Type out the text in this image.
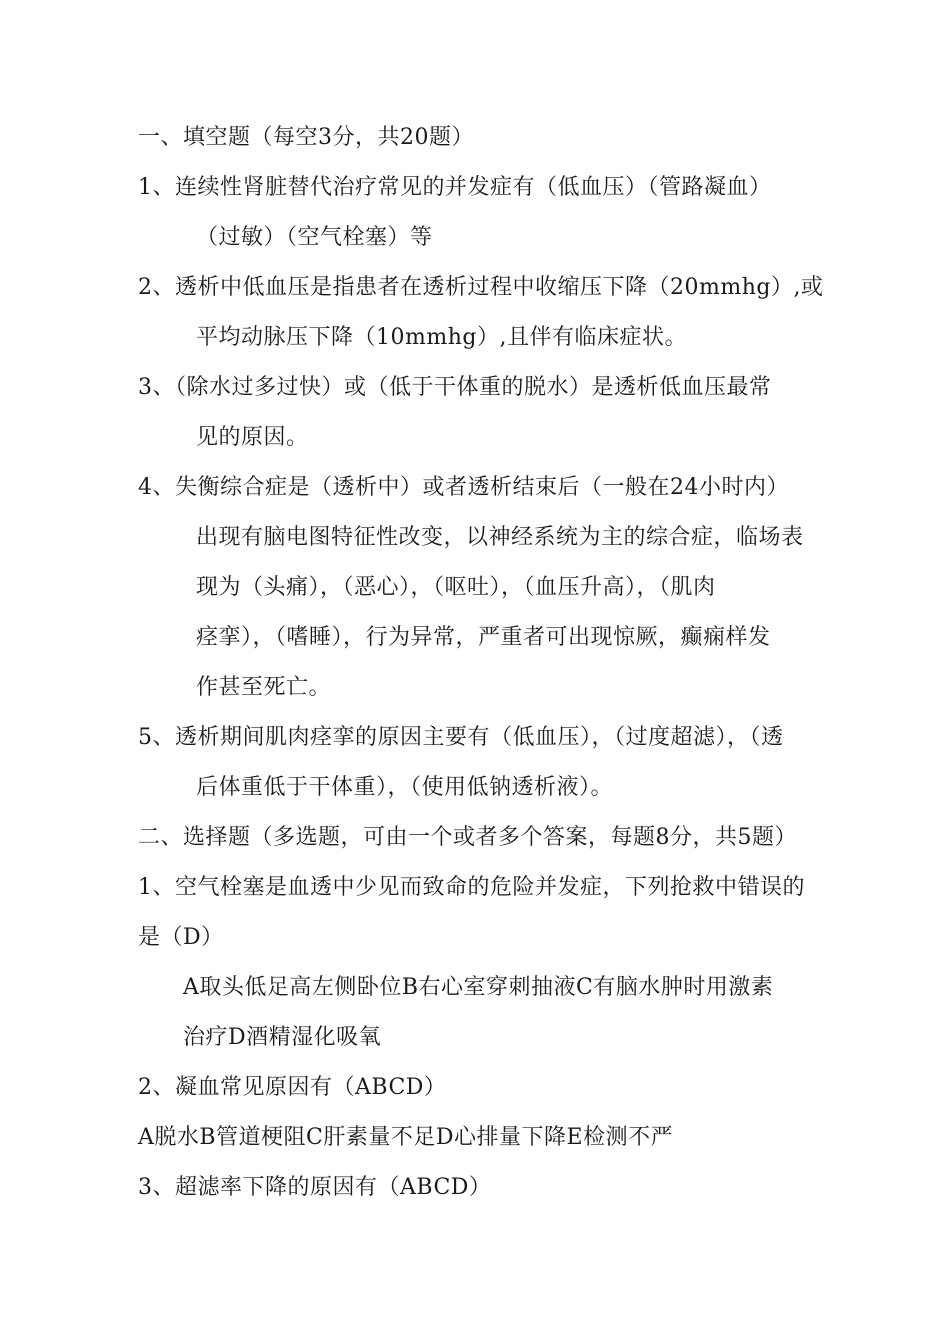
一、填空题（每空3分，共20题）
1、连续性肾脏替代治疗常见的并发症有（低血压）（管路凝血）
（过敏）（空气栓塞）等
2、透析中低血压是指患者在透析过程中收缩压下降（20mmhg）,或
平均动脉压下降（10mmhg）,且伴有临床症状。
3、（除水过多过快）或（低于干体重的脱水）是透析低血压最常
见的原因。
4、失衡综合症是（透析中）或者透析结束后（一般在24小时内）
出现有脑电图特征性改变，以神经系统为主的综合症，临场表
现为（头痛），（恶心），（呕吐），（血压升高），（肌肉
痉挛），（嗜睡），行为异常，严重者可出现惊厥，癫痫样发
作甚至死亡。
5、透析期间肌肉痉挛的原因主要有（低血压），（过度超滤），（透
后体重低于干体重），（使用低钠透析液）。
二、选择题（多选题，可由一个或者多个答案，每题8分，共5题）
1、空气栓塞是血透中少见而致命的危险并发症，下列抢救中错误的
是（D）
A取头低足高左侧卧位B右心室穿刺抽液C有脑水肿时用激素
治疗D酒精湿化吸氧
2、凝血常见原因有（ABCD）
A脱水B管道梗阻C肝素量不足D心排量下降E检测不严
3、超滤率下降的原因有（ABCD）
